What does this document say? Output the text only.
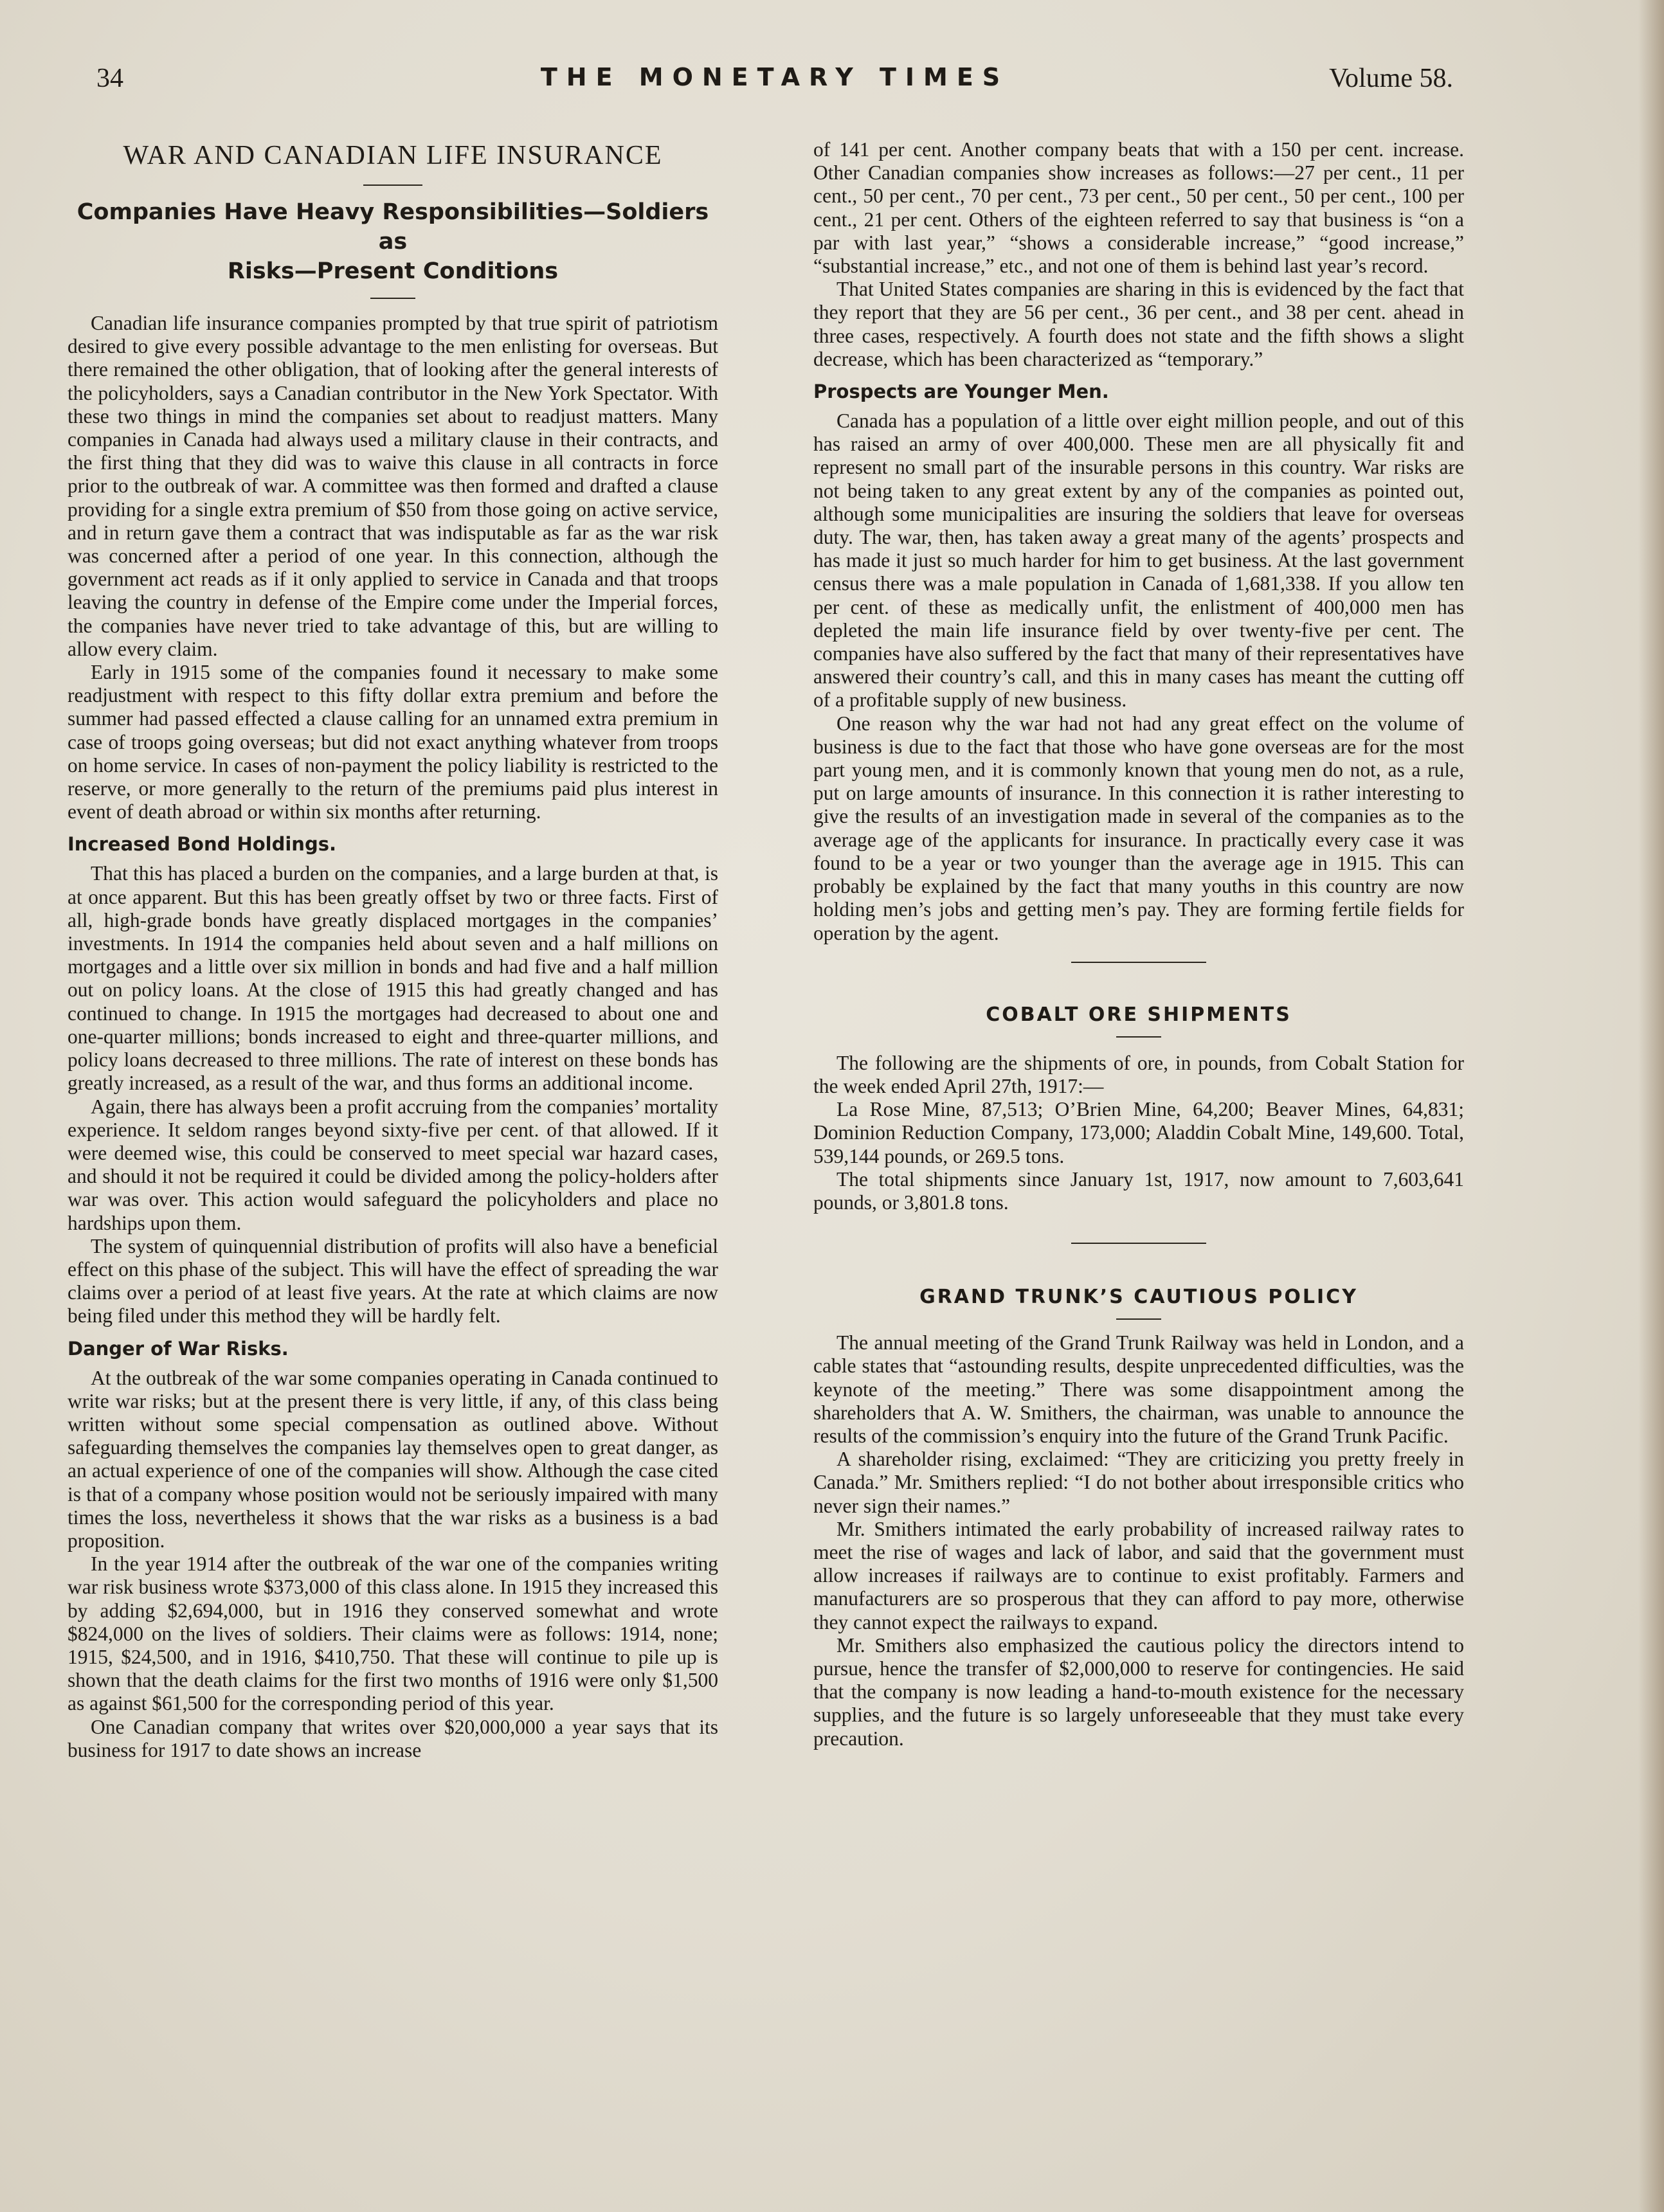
34	THE MONETARY TIMES	Volume 58.
WAR AND CANADIAN LIFE INSURANCE
Companies Have Heavy Responsibilities—Soldiers as
Risks—Present Conditions

Canadian life insurance companies prompted by that true spirit of patriotism desired to give every possible advantage to the men enlisting for overseas. But there remained the other obligation, that of looking after the general interests of the policyholders, says a Canadian contributor in the New York Spectator. With these two things in mind the companies set about to readjust matters. Many companies in Canada had always used a military clause in their contracts, and the first thing that they did was to waive this clause in all contracts in force prior to the outbreak of war. A committee was then formed and drafted a clause providing for a single extra premium of $50 from those going on active service, and in return gave them a contract that was indisputable as far as the war risk was concerned after a period of one year. In this connection, although the government act reads as if it only applied to service in Canada and that troops leaving the country in defense of the Empire come under the Imperial forces, the companies have never tried to take advantage of this, but are willing to allow every claim.

Early in 1915 some of the companies found it necessary to make some readjustment with respect to this fifty dollar extra premium and before the summer had passed effected a clause calling for an unnamed extra premium in case of troops going overseas; but did not exact anything whatever from troops on home service. In cases of non-payment the policy liability is restricted to the reserve, or more generally to the return of the premiums paid plus interest in event of death abroad or within six months after returning.

Increased Bond Holdings.

That this has placed a burden on the companies, and a large burden at that, is at once apparent. But this has been greatly offset by two or three facts. First of all, high-grade bonds have greatly displaced mortgages in the companies’ investments. In 1914 the companies held about seven and a half millions on mortgages and a little over six million in bonds and had five and a half million out on policy loans. At the close of 1915 this had greatly changed and has continued to change. In 1915 the mortgages had decreased to about one and one-quarter millions; bonds increased to eight and three-quarter millions, and policy loans decreased to three millions. The rate of interest on these bonds has greatly increased, as a result of the war, and thus forms an additional income.

Again, there has always been a profit accruing from the companies’ mortality experience. It seldom ranges beyond sixty-five per cent. of that allowed. If it were deemed wise, this could be conserved to meet special war hazard cases, and should it not be required it could be divided among the policy-holders after war was over. This action would safeguard the policyholders and place no hardships upon them.

The system of quinquennial distribution of profits will also have a beneficial effect on this phase of the subject. This will have the effect of spreading the war claims over a period of at least five years. At the rate at which claims are now being filed under this method they will be hardly felt.

Danger of War Risks.

At the outbreak of the war some companies operating in Canada continued to write war risks; but at the present there is very little, if any, of this class being written without some special compensation as outlined above. Without safeguarding themselves the companies lay themselves open to great danger, as an actual experience of one of the companies will show. Although the case cited is that of a company whose position would not be seriously impaired with many times the loss, nevertheless it shows that the war risks as a business is a bad proposition.

In the year 1914 after the outbreak of the war one of the companies writing war risk business wrote $373,000 of this class alone. In 1915 they increased this by adding $2,694,000, but in 1916 they conserved somewhat and wrote $824,000 on the lives of soldiers. Their claims were as follows: 1914, none; 1915, $24,500, and in 1916, $410,750. That these will continue to pile up is shown that the death claims for the first two months of 1916 were only $1,500 as against $61,500 for the corresponding period of this year.

One Canadian company that writes over $20,000,000 a year says that its business for 1917 to date shows an increase

of 141 per cent. Another company beats that with a 150 per cent. increase. Other Canadian companies show increases as follows:—27 per cent., 11 per cent., 50 per cent., 70 per cent., 73 per cent., 50 per cent., 50 per cent., 100 per cent., 21 per cent. Others of the eighteen referred to say that business is “on a par with last year,” “shows a considerable increase,” “good increase,” “substantial increase,” etc., and not one of them is behind last year’s record.

That United States companies are sharing in this is evidenced by the fact that they report that they are 56 per cent., 36 per cent., and 38 per cent. ahead in three cases, respectively. A fourth does not state and the fifth shows a slight decrease, which has been characterized as “temporary.”

Prospects are Younger Men.

Canada has a population of a little over eight million people, and out of this has raised an army of over 400,000. These men are all physically fit and represent no small part of the insurable persons in this country. War risks are not being taken to any great extent by any of the companies as pointed out, although some municipalities are insuring the soldiers that leave for overseas duty. The war, then, has taken away a great many of the agents’ prospects and has made it just so much harder for him to get business. At the last government census there was a male population in Canada of 1,681,338. If you allow ten per cent. of these as medically unfit, the enlistment of 400,000 men has depleted the main life insurance field by over twenty-five per cent. The companies have also suffered by the fact that many of their representatives have answered their country’s call, and this in many cases has meant the cutting off of a profitable supply of new business.

One reason why the war had not had any great effect on the volume of business is due to the fact that those who have gone overseas are for the most part young men, and it is commonly known that young men do not, as a rule, put on large amounts of insurance. In this connection it is rather interesting to give the results of an investigation made in several of the companies as to the average age of the applicants for insurance. In practically every case it was found to be a year or two younger than the average age in 1915. This can probably be explained by the fact that many youths in this country are now holding men’s jobs and getting men’s pay. They are forming fertile fields for operation by the agent.

COBALT ORE SHIPMENTS

The following are the shipments of ore, in pounds, from Cobalt Station for the week ended April 27th, 1917:—

La Rose Mine, 87,513; O’Brien Mine, 64,200; Beaver Mines, 64,831; Dominion Reduction Company, 173,000; Aladdin Cobalt Mine, 149,600. Total, 539,144 pounds, or 269.5 tons.

The total shipments since January 1st, 1917, now amount to 7,603,641 pounds, or 3,801.8 tons.

GRAND TRUNK’S CAUTIOUS POLICY

The annual meeting of the Grand Trunk Railway was held in London, and a cable states that “astounding results, despite unprecedented difficulties, was the keynote of the meeting.” There was some disappointment among the shareholders that A. W. Smithers, the chairman, was unable to announce the results of the commission’s enquiry into the future of the Grand Trunk Pacific.

A shareholder rising, exclaimed: “They are criticizing you pretty freely in Canada.” Mr. Smithers replied: “I do not bother about irresponsible critics who never sign their names.”

Mr. Smithers intimated the early probability of increased railway rates to meet the rise of wages and lack of labor, and said that the government must allow increases if railways are to continue to exist profitably. Farmers and manufacturers are so prosperous that they can afford to pay more, otherwise they cannot expect the railways to expand.

Mr. Smithers also emphasized the cautious policy the directors intend to pursue, hence the transfer of $2,000,000 to reserve for contingencies. He said that the company is now leading a hand-to-mouth existence for the necessary supplies, and the future is so largely unforeseeable that they must take every precaution.
